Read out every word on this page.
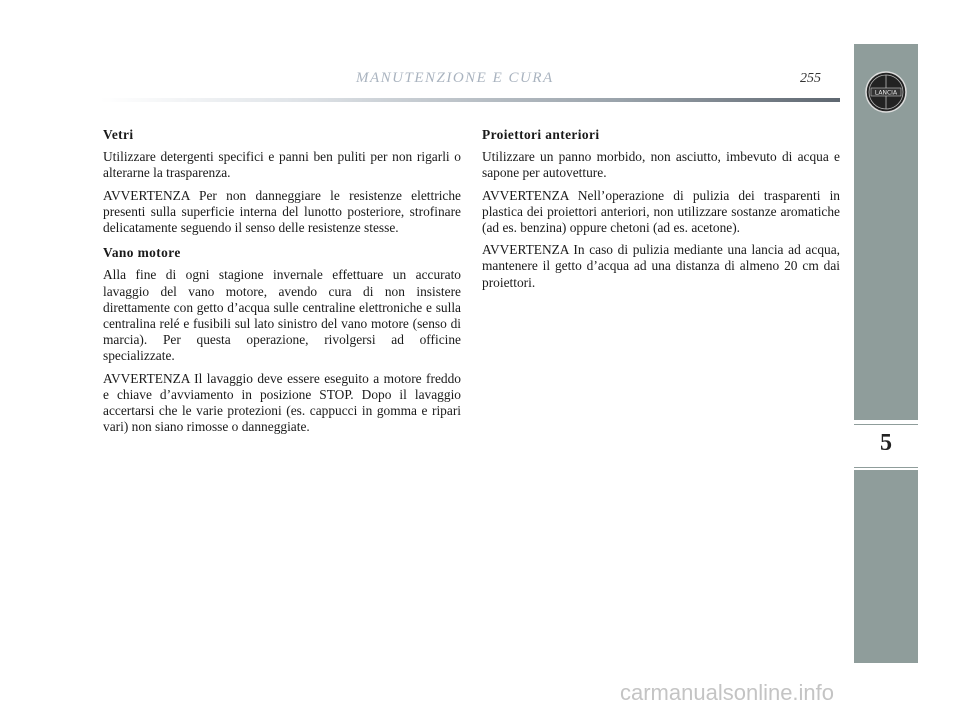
MANUTENZIONE E CURA	255
LANCIA
5
Vetri

Utilizzare detergenti specifici e panni ben puliti per non rigarli o alterarne la trasparenza.

AVVERTENZA Per non danneggiare le resistenze elettriche presenti sulla superficie interna del lunotto posteriore, strofinare delicatamente seguendo il senso delle resistenze stesse.

Vano motore

Alla fine di ogni stagione invernale effettuare un accurato lavaggio del vano motore, avendo cura di non insistere direttamente con getto d’acqua sulle centraline elettroniche e sulla centralina relé e fusibili sul lato sinistro del vano motore (senso di marcia). Per questa operazione, rivolgersi ad officine specializzate.

AVVERTENZA Il lavaggio deve essere eseguito a motore freddo e chiave d’avviamento in posizione STOP. Dopo il lavaggio accertarsi che le varie protezioni (es. cappucci in gomma e ripari vari) non siano rimosse o danneggiate.

Proiettori anteriori

Utilizzare un panno morbido, non asciutto, imbevuto di acqua e sapone per autovetture.

AVVERTENZA Nell’operazione di pulizia dei trasparenti in plastica dei proiettori anteriori, non utilizzare sostanze aromatiche (ad es. benzina) oppure chetoni (ad es. acetone).

AVVERTENZA In caso di pulizia mediante una lancia ad acqua, mantenere il getto d’acqua ad una distanza di almeno 20 cm dai proiettori.

carmanualsonline.info
